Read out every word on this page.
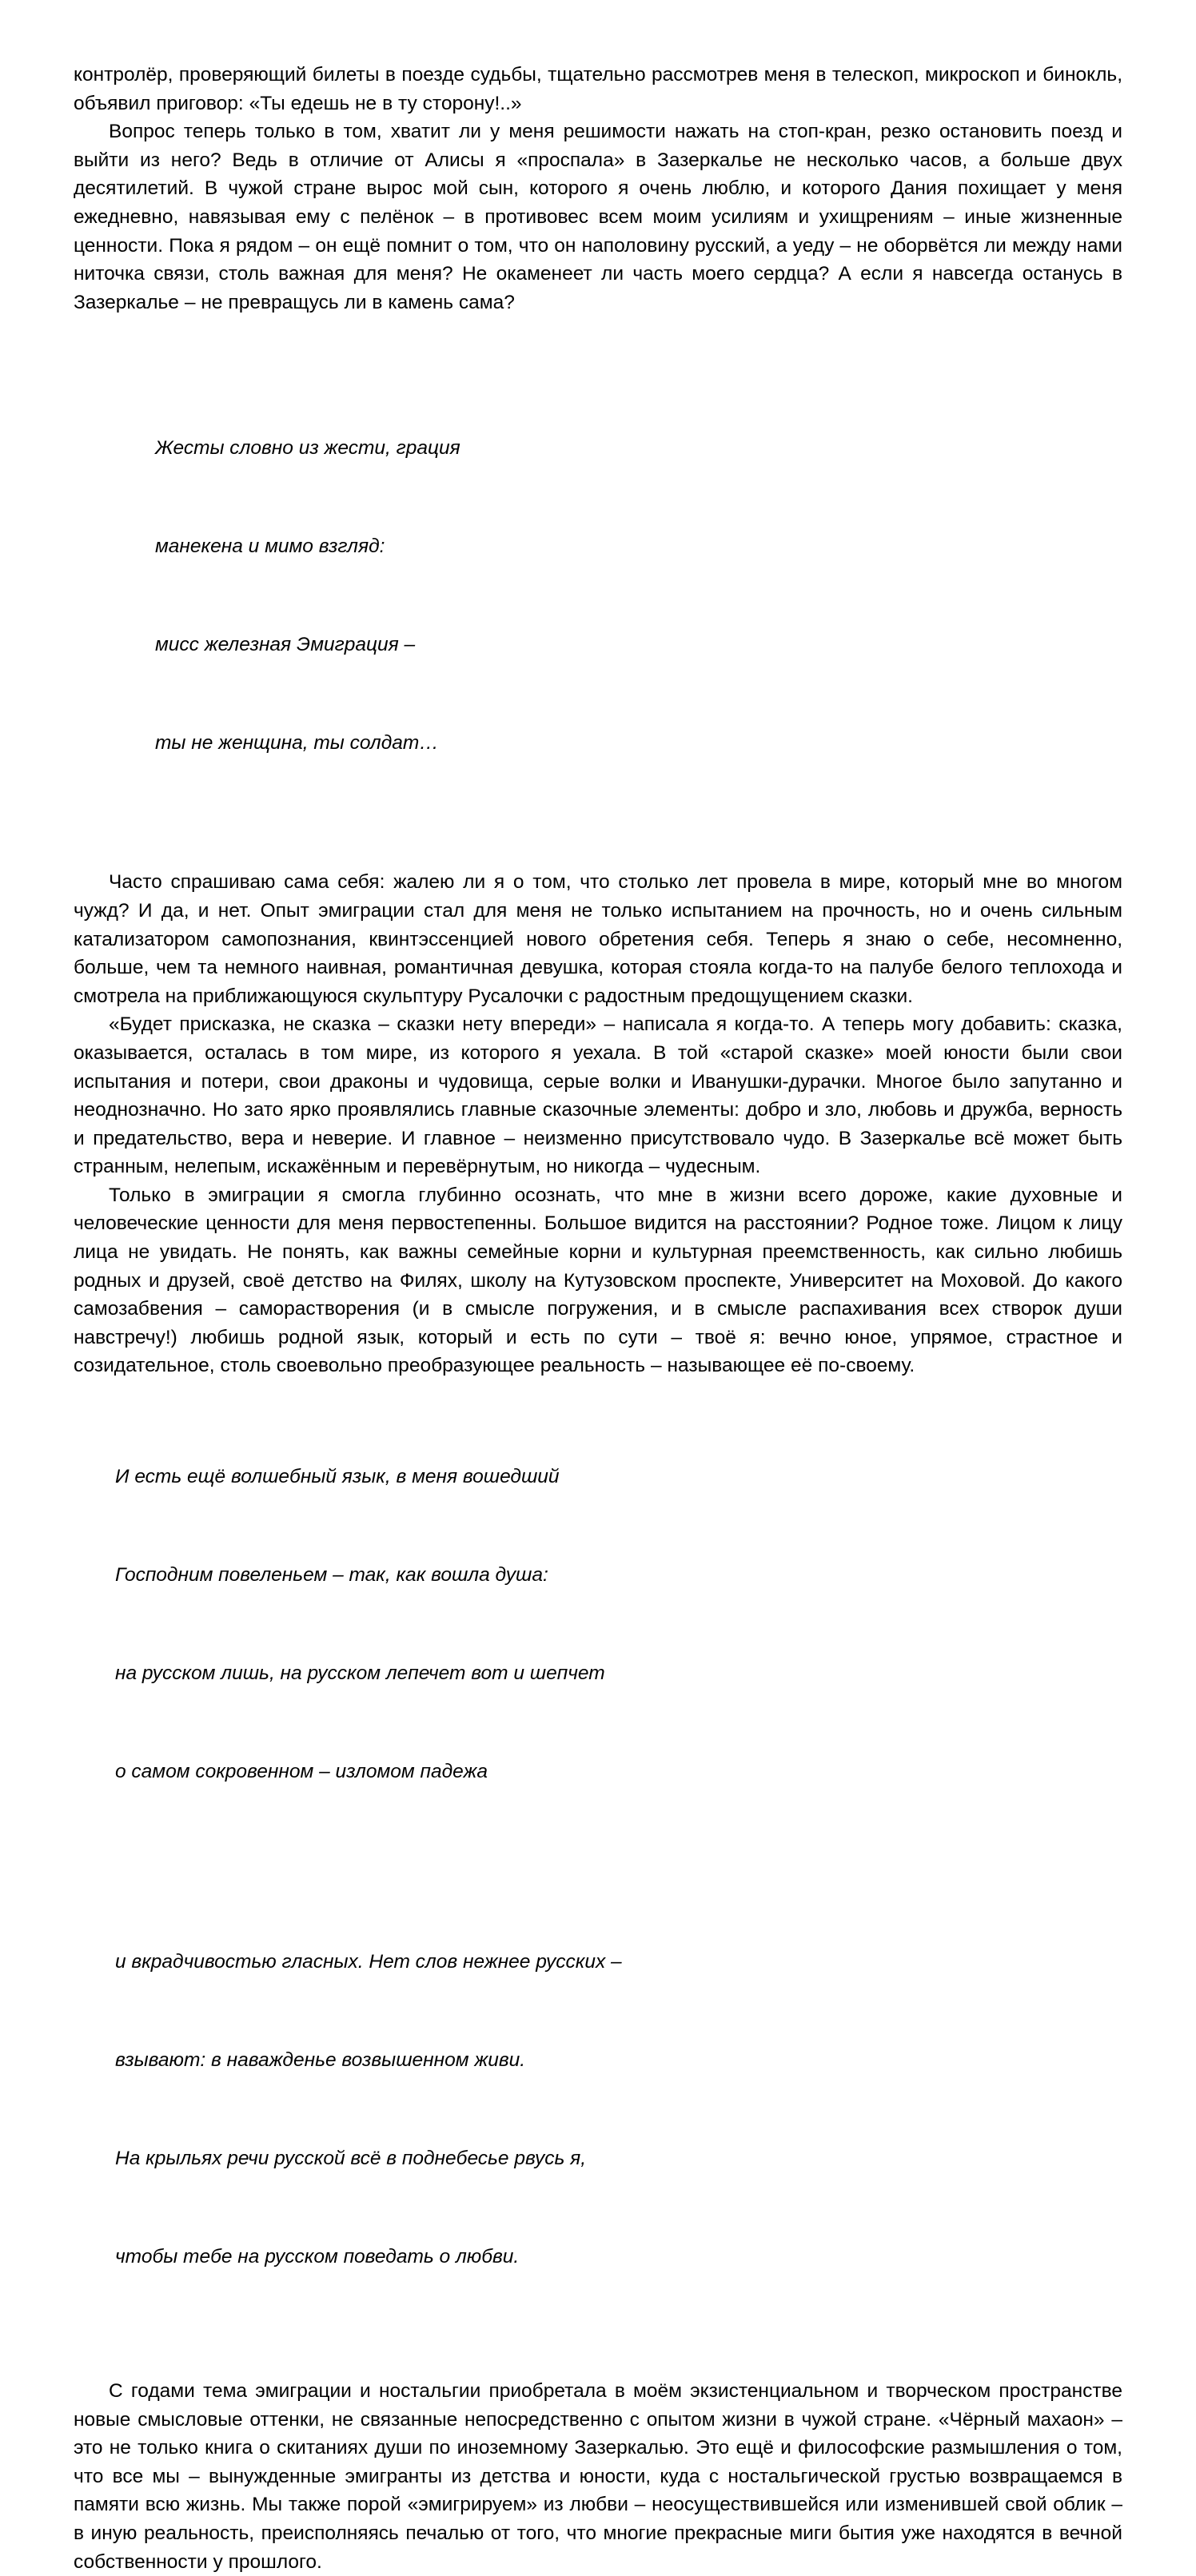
контролёр, проверяющий билеты в поезде судьбы, тщательно рассмотрев меня в телескоп, микроскоп и бинокль, объявил приговор: «Ты едешь не в ту сторону!..»

Вопрос теперь только в том, хватит ли у меня решимости нажать на стоп-кран, резко остановить поезд и выйти из него? Ведь в отличие от Алисы я «проспала» в Зазеркалье не несколько часов, а больше двух десятилетий. В чужой стране вырос мой сын, которого я очень люблю, и которого Дания похищает у меня ежедневно, навязывая ему с пелёнок – в противовес всем моим усилиям и ухищрениям – иные жизненные ценности. Пока я рядом – он ещё помнит о том, что он наполовину русский, а уеду – не оборвётся ли между нами ниточка связи, столь важная для меня? Не окаменеет ли часть моего сердца? А если я навсегда останусь в Зазеркалье – не превращусь ли в камень сама?

Жесты словно из жести, грация

манекена и мимо взгляд:

мисс железная Эмиграция –

ты не женщина, ты солдат…

Часто спрашиваю сама себя: жалею ли я о том, что столько лет провела в мире, который мне во многом чужд? И да, и нет. Опыт эмиграции стал для меня не только испытанием на прочность, но и очень сильным катализатором самопознания, квинтэссенцией нового обретения себя. Теперь я знаю о себе, несомненно, больше, чем та немного наивная, романтичная девушка, которая стояла когда-то на палубе белого теплохода и смотрела на приближающуюся скульптуру Русалочки с радостным предощущением сказки.

«Будет присказка, не сказка – сказки нету впереди» – написала я когда-то. А теперь могу добавить: сказка, оказывается, осталась в том мире, из которого я уехала. В той «старой сказке» моей юности были свои испытания и потери, свои драконы и чудовища, серые волки и Иванушки-дурачки. Многое было запутанно и неоднозначно. Но зато ярко проявлялись главные сказочные элементы: добро и зло, любовь и дружба, верность и предательство, вера и неверие. И главное – неизменно присутствовало чудо. В Зазеркалье всё может быть странным, нелепым, искажённым и перевёрнутым, но никогда – чудесным.

Только в эмиграции я смогла глубинно осознать, что мне в жизни всего дороже, какие духовные и человеческие ценности для меня первостепенны. Большое видится на расстоянии? Родное тоже. Лицом к лицу лица не увидать. Не понять, как важны семейные корни и культурная преемственность, как сильно любишь родных и друзей, своё детство на Филях, школу на Кутузовском проспекте, Университет на Моховой. До какого самозабвения – саморастворения (и в смысле погружения, и в смысле распахивания всех створок души навстречу!) любишь родной язык, который и есть по сути – твоё я: вечно юное, упрямое, страстное и созидательное, столь своевольно преобразующее реальность – называющее её по-своему.

И есть ещё волшебный язык, в меня вошедший

Господним повеленьем – так, как вошла душа:

на русском лишь, на русском лепечет вот и шепчет

о самом сокровенном – изломом падежа

и вкрадчивостью гласных. Нет слов нежнее русских –

взывают: в наважденье возвышенном живи.

На крыльях речи русской всё в поднебесье рвусь я,

чтобы тебе на русском поведать о любви.

С годами тема эмиграции и ностальгии приобретала в моём экзистенциальном и творческом пространстве новые смысловые оттенки, не связанные непосредственно с опытом жизни в чужой стране. «Чёрный махаон» – это не только книга о скитаниях души по иноземному Зазеркалью. Это ещё и философские размышления о том, что все мы – вынужденные эмигранты из детства и юности, куда с ностальгической грустью возвращаемся в памяти всю жизнь. Мы также порой «эмигрируем» из любви – неосуществившейся или изменившей свой облик – в иную реальность, преисполняясь печалью от того, что многие прекрасные миги бытия уже находятся в вечной собственности у прошлого.
